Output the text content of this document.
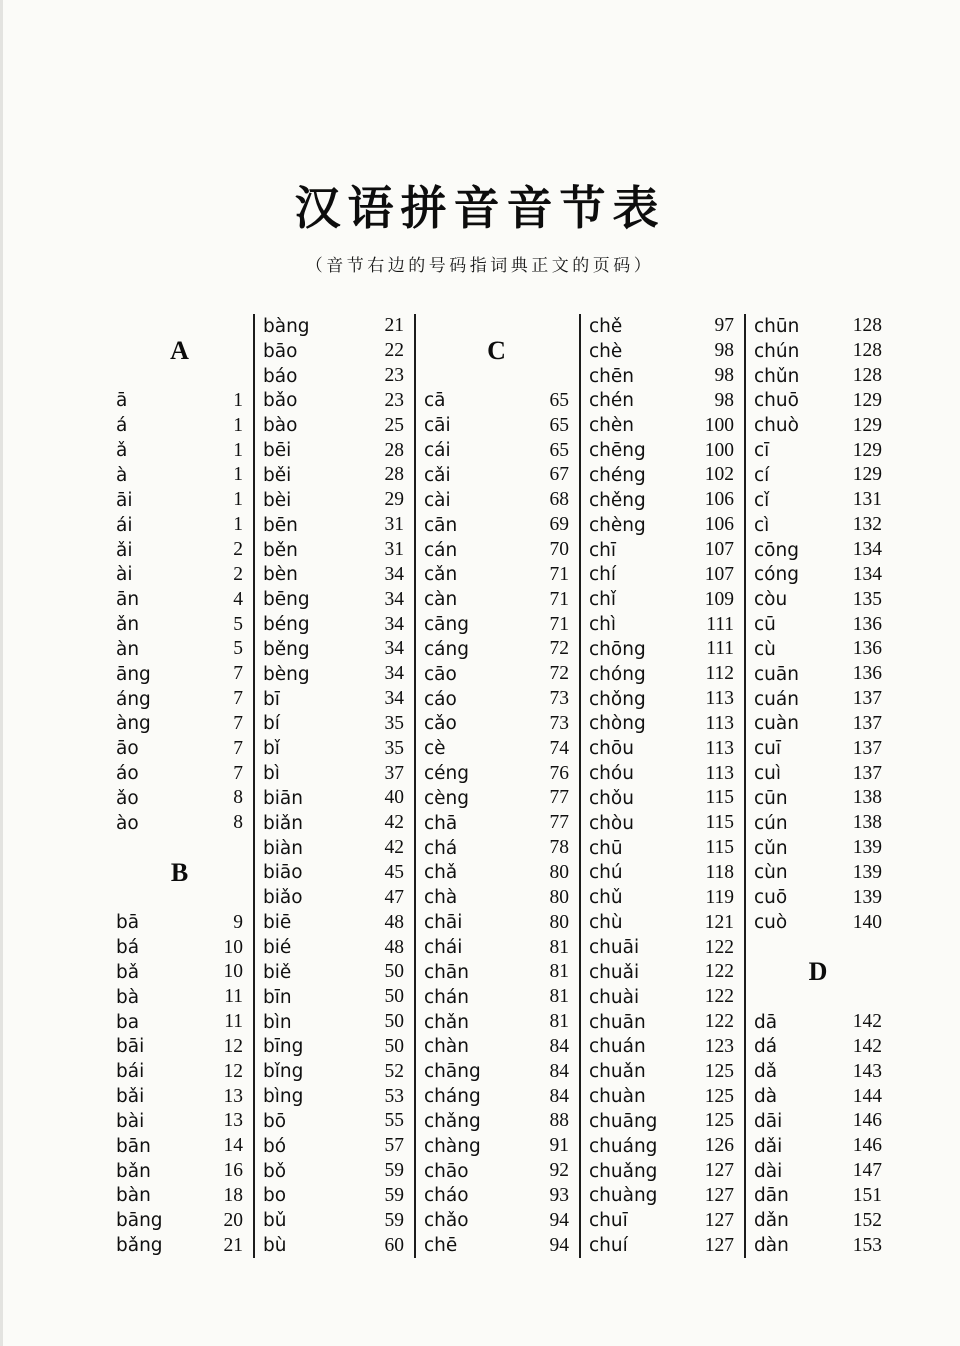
汉语拼音音节表
（音节右边的号码指词典正文的页码）
A
ā	1
á	1
ǎ	1
à	1
āi	1
ái	1
ǎi	2
ài	2
ān	4
ǎn	5
àn	5
āng	7
áng	7
àng	7
āo	7
áo	7
ǎo	8
ào	8
B
bā	9
bá	10
bǎ	10
bà	11
ba	11
bāi	12
bái	12
bǎi	13
bài	13
bān	14
bǎn	16
bàn	18
bāng	20
bǎng	21
bàng	21
bāo	22
báo	23
bǎo	23
bào	25
bēi	28
běi	28
bèi	29
bēn	31
běn	31
bèn	34
bēng	34
béng	34
běng	34
bèng	34
bī	34
bí	35
bǐ	35
bì	37
biān	40
biǎn	42
biàn	42
biāo	45
biǎo	47
biē	48
bié	48
biě	50
bīn	50
bìn	50
bīng	50
bǐng	52
bìng	53
bō	55
bó	57
bǒ	59
bo	59
bǔ	59
bù	60
C
cā	65
cāi	65
cái	65
cǎi	67
cài	68
cān	69
cán	70
cǎn	71
càn	71
cāng	71
cáng	72
cāo	72
cáo	73
cǎo	73
cè	74
céng	76
cèng	77
chā	77
chá	78
chǎ	80
chà	80
chāi	80
chái	81
chān	81
chán	81
chǎn	81
chàn	84
chāng	84
cháng	84
chǎng	88
chàng	91
chāo	92
cháo	93
chǎo	94
chē	94
chě	97
chè	98
chēn	98
chén	98
chèn	100
chēng	100
chéng	102
chěng	106
chèng	106
chī	107
chí	107
chǐ	109
chì	111
chōng	111
chóng	112
chǒng	113
chòng	113
chōu	113
chóu	113
chǒu	115
chòu	115
chū	115
chú	118
chǔ	119
chù	121
chuāi	122
chuǎi	122
chuài	122
chuān	122
chuán	123
chuǎn	125
chuàn	125
chuāng 125
chuáng 126
chuǎng 127
chuàng 127
chuī	127
chuí	127
chūn	128
chún	128
chǔn	128
chuō	129
chuò	129
cī	129
cí	129
cǐ	131
cì	132
cōng	134
cóng	134
còu	135
cū	136
cù	136
cuān	136
cuán	137
cuàn	137
cuī	137
cuì	137
cūn	138
cún	138
cǔn	139
cùn	139
cuō	139
cuò	140
D
dā	142
dá	142
dǎ	143
dà	144
dāi	146
dǎi	146
dài	147
dān	151
dǎn	152
dàn	153
